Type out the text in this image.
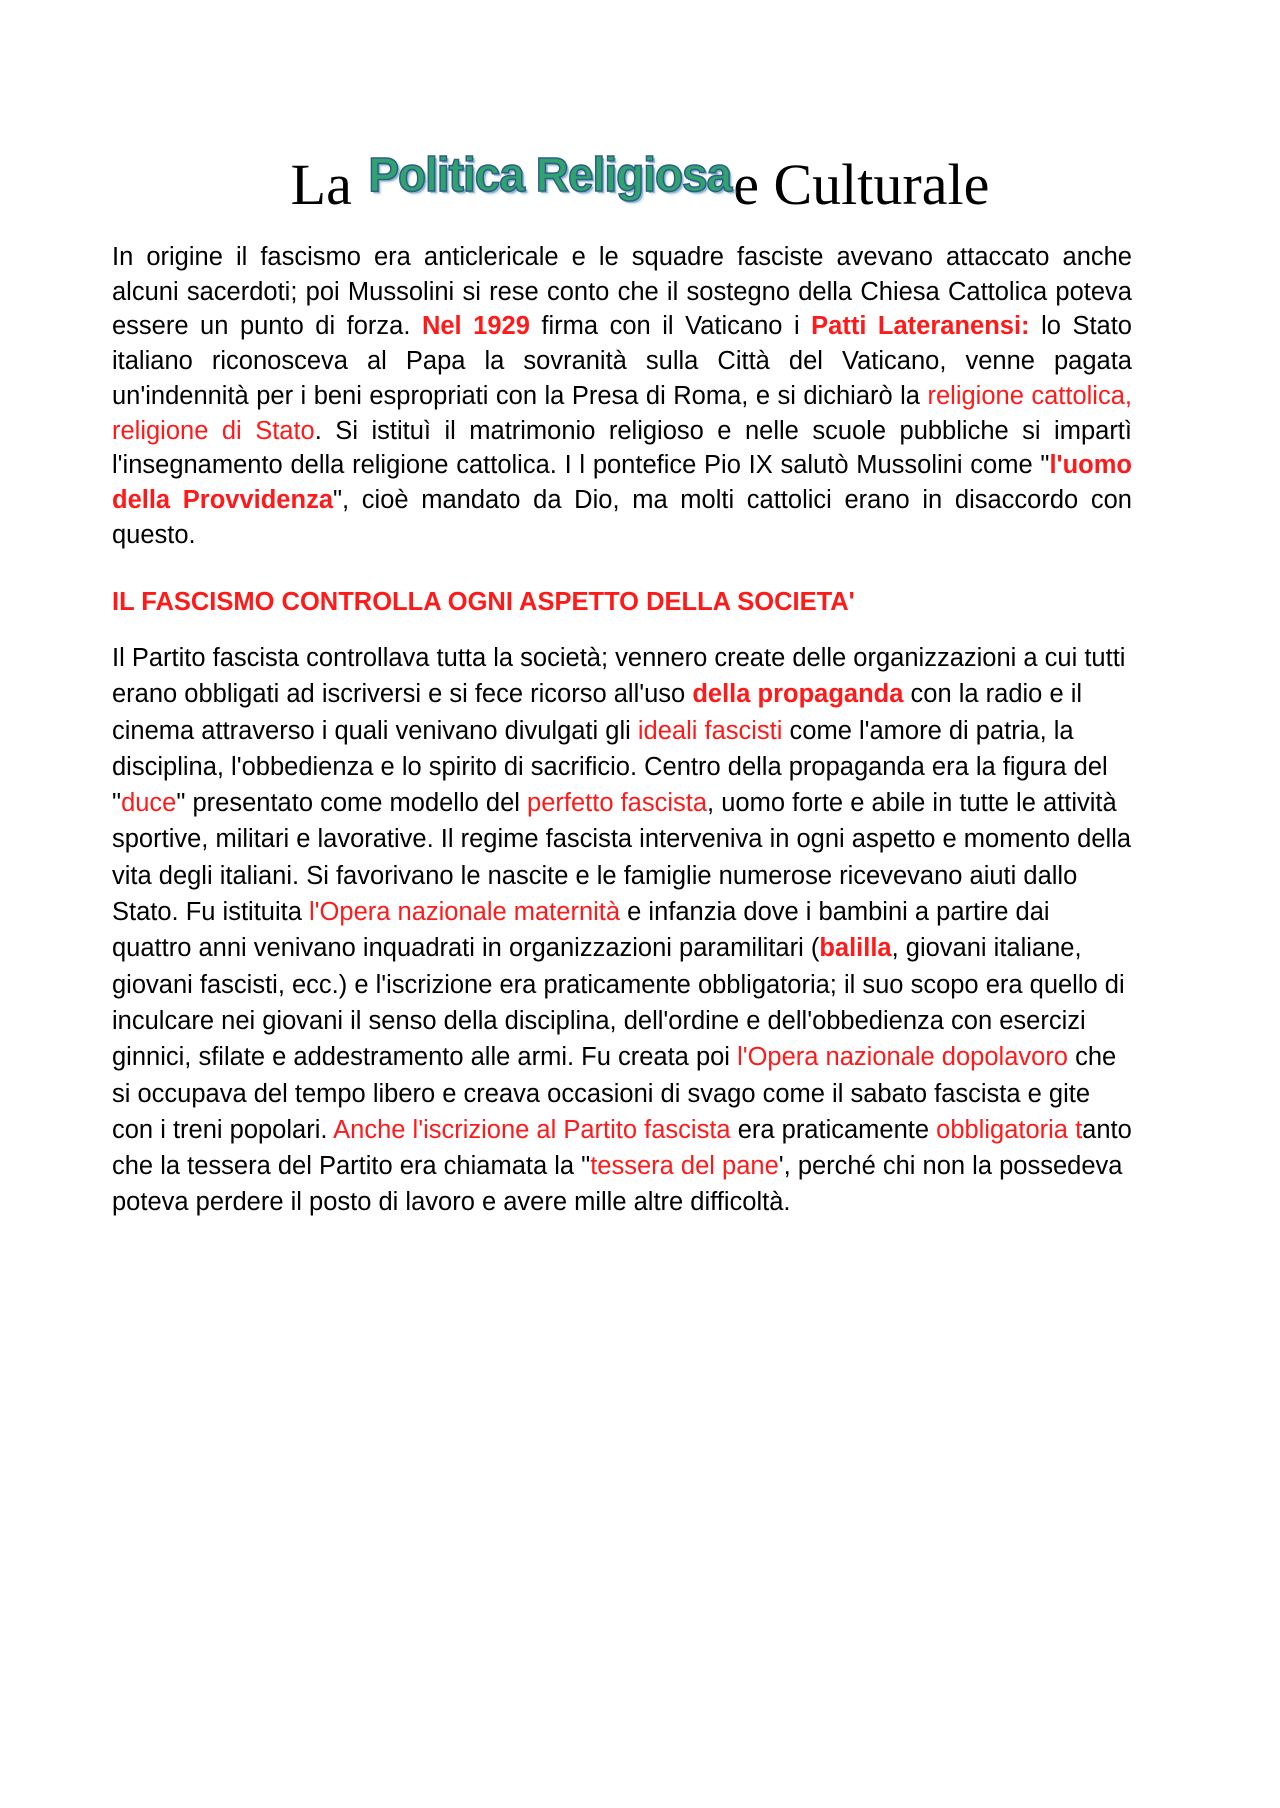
La Politica Religiosae Culturale
In origine il fascismo era anticlericale e le squadre fasciste avevano attaccato anche alcuni sacerdoti; poi Mussolini si rese conto che il sostegno della Chiesa Cattolica poteva essere un punto di forza. Nel 1929 firma con il Vaticano i Patti Lateranensi: lo Stato italiano riconosceva al Papa la sovranità sulla Città del Vaticano, venne pagata un'indennità per i beni espropriati con la Presa di Roma, e si dichiarò la religione cattolica, religione di Stato. Si istituì il matrimonio religioso e nelle scuole pubbliche si impartì l'insegnamento della religione cattolica. I l pontefice Pio IX salutò Mussolini come "l'uomo della Provvidenza", cioè mandato da Dio, ma molti cattolici erano in disaccordo con questo.
IL FASCISMO CONTROLLA OGNI ASPETTO DELLA SOCIETA'
Il Partito fascista controllava tutta la società; vennero create delle organizzazioni a cui tutti erano obbligati ad iscriversi e si fece ricorso all'uso della propaganda con la radio e il cinema attraverso i quali venivano divulgati gli ideali fascisti come l'amore di patria, la disciplina, l'obbedienza e lo spirito di sacrificio. Centro della propaganda era la figura del "duce" presentato come modello del perfetto fascista, uomo forte e abile in tutte le attività sportive, militari e lavorative. Il regime fascista interveniva in ogni aspetto e momento della vita degli italiani. Si favorivano le nascite e le famiglie numerose ricevevano aiuti dallo Stato. Fu istituita l'Opera nazionale maternità e infanzia dove i bambini a partire dai quattro anni venivano inquadrati in organizzazioni paramilitari (balilla, giovani italiane, giovani fascisti, ecc.) e l'iscrizione era praticamente obbligatoria; il suo scopo era quello di inculcare nei giovani il senso della disciplina, dell'ordine e dell'obbedienza con esercizi ginnici, sfilate e addestramento alle armi. Fu creata poi l'Opera nazionale dopolavoro che si occupava del tempo libero e creava occasioni di svago come il sabato fascista e gite con i treni popolari. Anche l'iscrizione al Partito fascista era praticamente obbligatoria tanto che la tessera del Partito era chiamata la "tessera del pane', perché chi non la possedeva poteva perdere il posto di lavoro e avere mille altre difficoltà.
